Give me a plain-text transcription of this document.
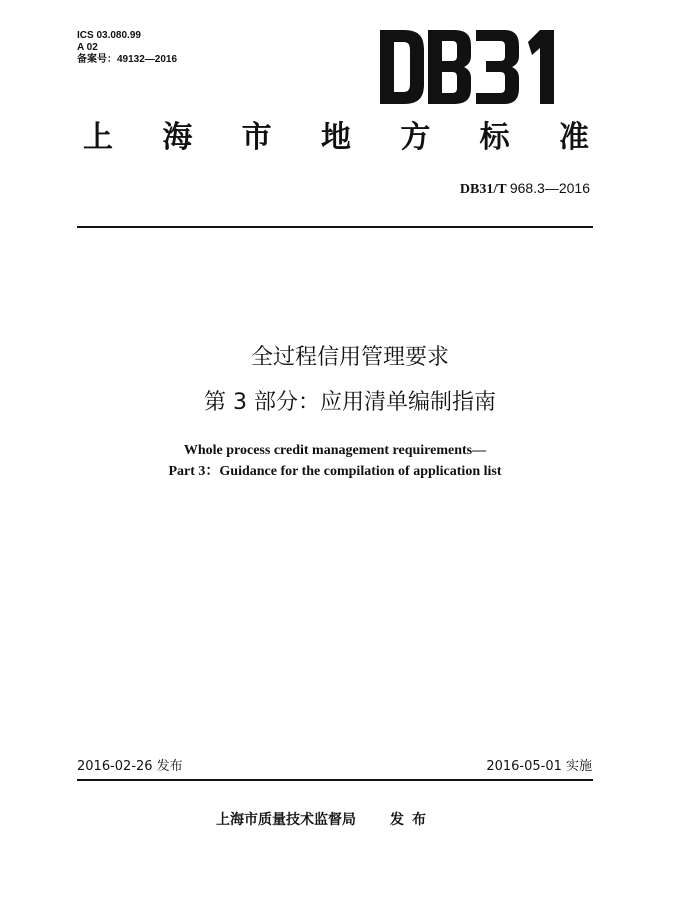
ICS 03.080.99
A 02
备案号：49132—2016
上 海 市 地 方 标 准
DB31/T 968.3—2016
全过程信用管理要求
第 3 部分：应用清单编制指南
Whole process credit management requirements—
Part 3：Guidance for the compilation of application list
2016-02-26 发布	2016-05-01 实施
上海市质量技术监督局 发布
